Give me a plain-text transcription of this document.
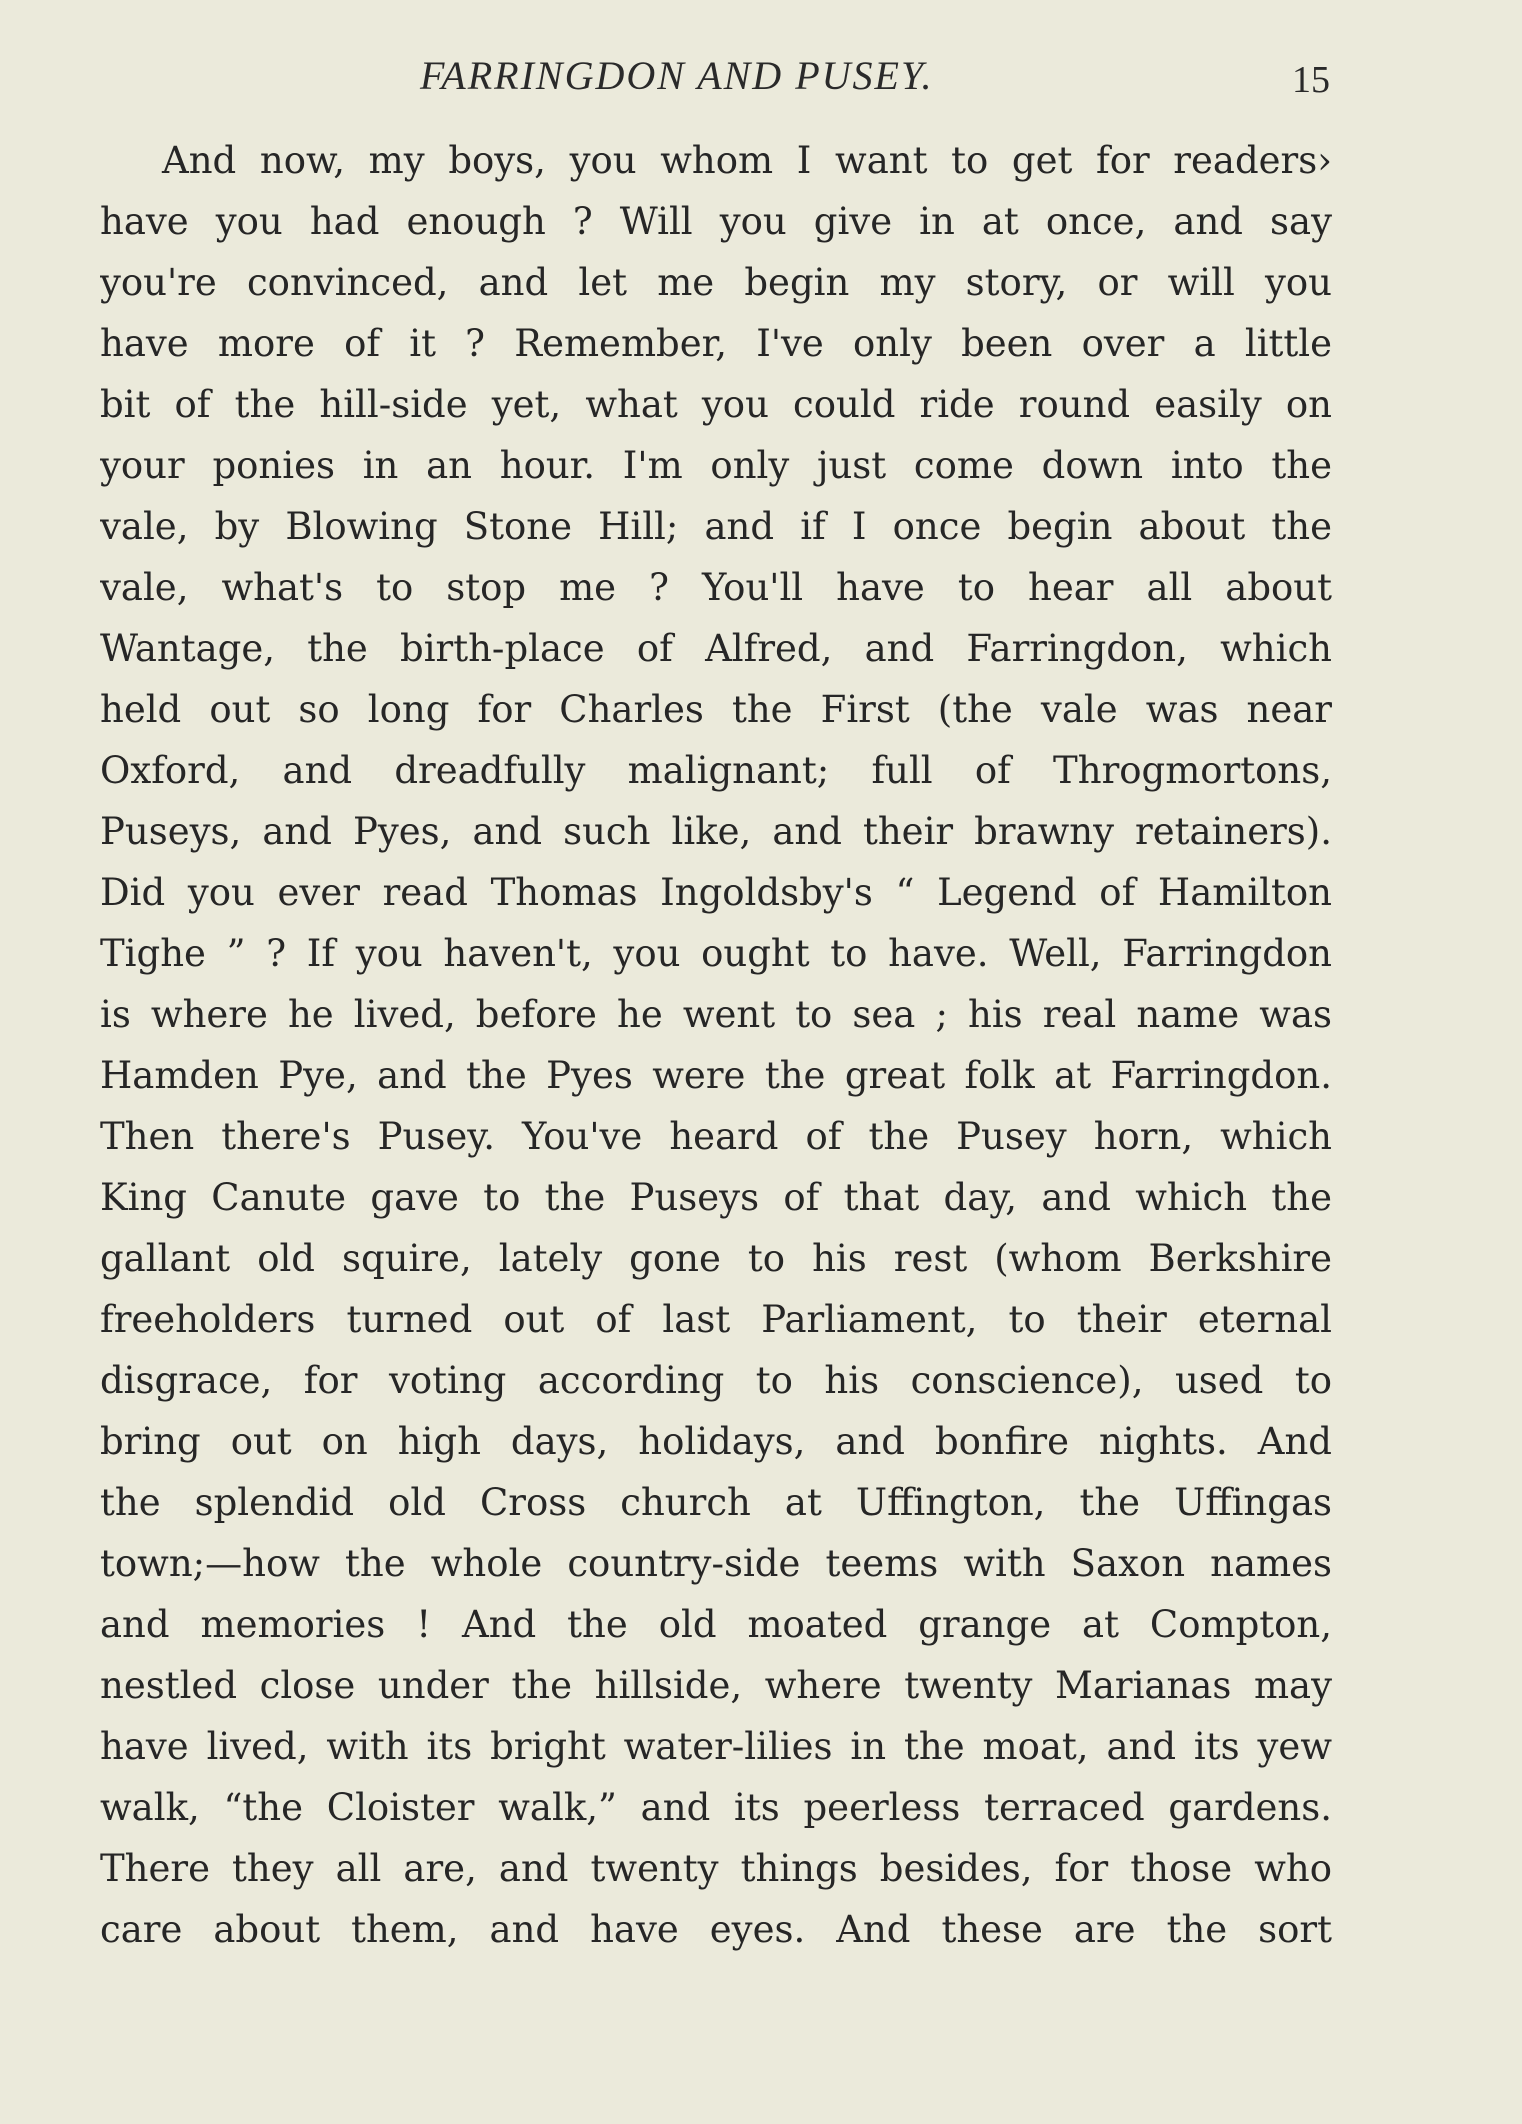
FARRINGDON AND PUSEY.	15
And now, my boys, you whom I want to get for readers›
have you had enough ? Will you give in at once, and say
you're convinced, and let me begin my story, or will you
have more of it ? Remember, I've only been over a little
bit of the hill-side yet, what you could ride round easily on
your ponies in an hour. I'm only just come down into the
vale, by Blowing Stone Hill; and if I once begin about the
vale, what's to stop me ? You'll have to hear all about
Wantage, the birth-place of Alfred, and Farringdon, which
held out so long for Charles the First (the vale was near
Oxford, and dreadfully malignant; full of Throgmortons,
Puseys, and Pyes, and such like, and their brawny retainers).
Did you ever read Thomas Ingoldsby's “ Legend of Hamilton
Tighe ” ? If you haven't, you ought to have. Well, Farringdon
is where he lived, before he went to sea ; his real name was
Hamden Pye, and the Pyes were the great folk at Farringdon.
Then there's Pusey. You've heard of the Pusey horn, which
King Canute gave to the Puseys of that day, and which the
gallant old squire, lately gone to his rest (whom Berkshire
freeholders turned out of last Parliament, to their eternal
disgrace, for voting according to his conscience), used to
bring out on high days, holidays, and bonfire nights. And
the splendid old Cross church at Uffington, the Uffingas
town;—how the whole country-side teems with Saxon names
and memories ! And the old moated grange at Compton,
nestled close under the hillside, where twenty Marianas may
have lived, with its bright water-lilies in the moat, and its yew
walk, “the Cloister walk,” and its peerless terraced gardens.
There they all are, and twenty things besides, for those who
care about them, and have eyes. And these are the sort
